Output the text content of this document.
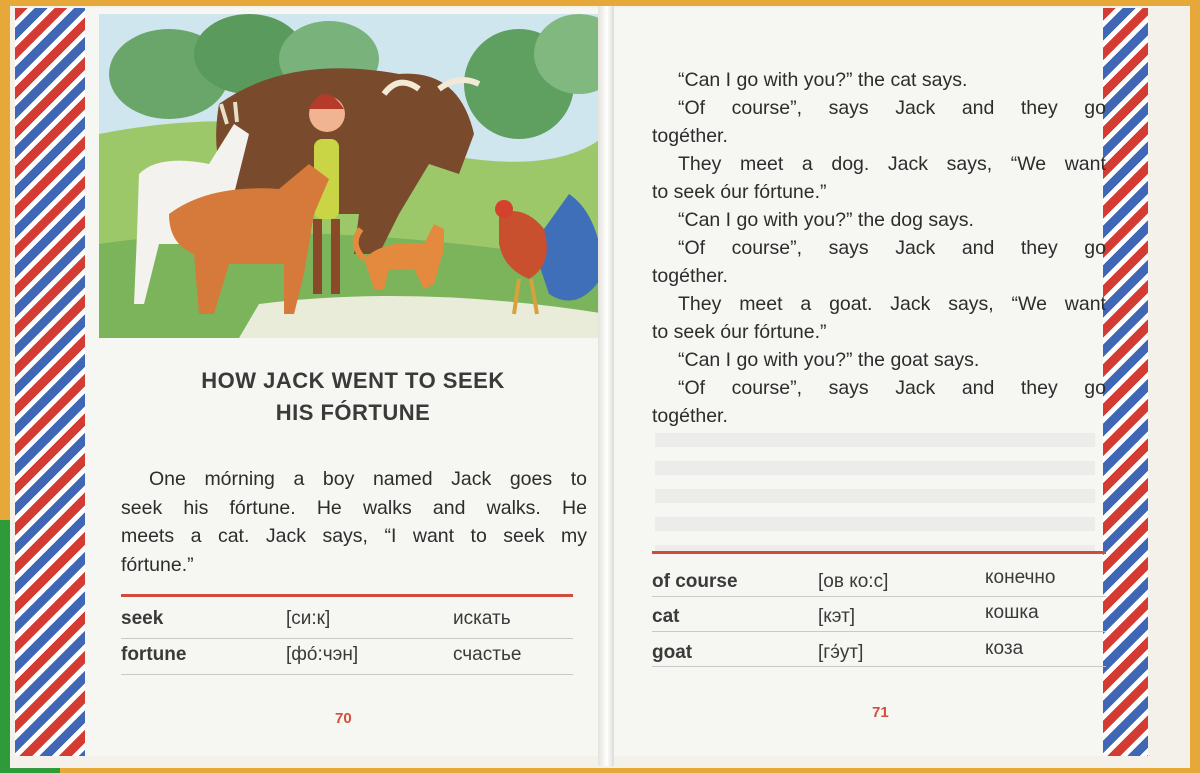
HOW JACK WENT TO SEEK
HIS FÓRTUNE
One mórning a boy named Jack goes to
seek his fórtune. He walks and walks. He
meets a cat. Jack says, “I want to seek my
fórtune.”
seek	[си:к]	искать
fortune	[фó:чэн]	счастье
70
of course	[ов ко:с]	конечно
cat	[кэт]	кошка
goat	[гэ́ут]	коза
71
“Can I go with you?” the cat says.
“Of course”, says Jack and they go
togéther.
They meet a dog. Jack says, “We want
to seek óur fórtune.”
“Can I go with you?” the dog says.
“Of course”, says Jack and they go
togéther.
They meet a goat. Jack says, “We want
to seek óur fórtune.”
“Can I go with you?” the goat says.
“Of course”, says Jack and they go
togéther.
